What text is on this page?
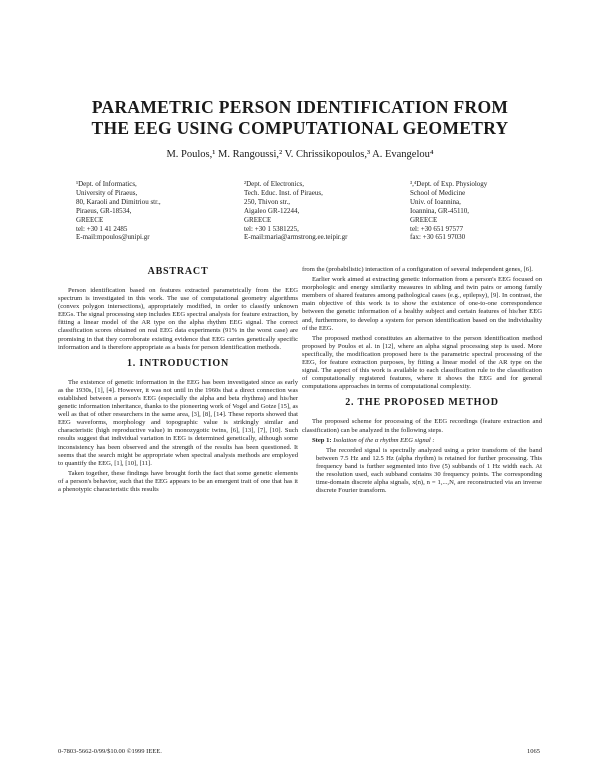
PARAMETRIC PERSON IDENTIFICATION FROM
THE EEG USING COMPUTATIONAL GEOMETRY
M. Poulos,¹ M. Rangoussi,² V. Chrissikopoulos,³ A. Evangelou⁴
¹Dept. of Informatics,
University of Piraeus,
80, Karaoli and Dimitriou str.,
Piraeus, GR-18534,
GREECE
tel: +30 1 41 2485
E-mail:mpoulos@unipi.gr
²Dept. of Electronics,
Tech. Educ. Inst. of Piraeus,
250, Thivon str.,
Aigaleo GR-12244,
GREECE
tel: +30 1 5381225,
E-mail:maria@armstrong.ee.teipir.gr
³,⁴Dept. of Exp. Physiology
School of Medicine
Univ. of Ioannina,
Ioannina, GR-45110,
GREECE
tel: +30 651 97577
fax: +30 651 97030
ABSTRACT

Person identification based on features extracted parametrically from the EEG spectrum is investigated in this work. The use of computational geometry algorithms (convex polygon intersections), appropriately modified, in order to classify unknown EEGs. The signal processing step includes EEG spectral analysis for feature extraction, by fitting a linear model of the AR type on the alpha rhythm EEG signal. The correct classification scores obtained on real EEG data experiments (91% in the worst case) are promising in that they corroborate existing evidence that EEG carries genetically specific information and is therefore appropriate as a basis for person identification methods.

1. INTRODUCTION

The existence of genetic information in the EEG has been investigated since as early as the 1930s, [1], [4]. However, it was not until in the 1960s that a direct connection was established between a person's EEG (especially the alpha and beta rhythms) and his/her genetic information inheritance, thanks to the pioneering work of Vogel and Gotze [15], as well as that of other researchers in the same area, [3], [8], [14]. These reports showed that EEG waveforms, morphology and topographic value is strikingly similar and characteristic (high reproductive value) in monozygotic twins, [6], [13], [7], [10]. Such results suggest that individual variation in EEG is determined genetically, although some inconsistency has been observed and the strength of the results has been questioned. It seems that the search might be appropriate when spectral analysis methods are employed to quantify the EEG, [1], [10], [11].

Taken together, these findings have brought forth the fact that some genetic elements of a person's behavior, such that the EEG appears to be an emergent trait of one that has it a phenotypic characteristic this results

from the (probabilistic) interaction of a configuration of several independent genes, [6].

Earlier work aimed at extracting genetic information from a person's EEG focused on morphologic and energy similarity measures in sibling and twin pairs or among family members of shared features among pathological cases (e.g., epilepsy), [9]. In contrast, the main objective of this work is to show the existence of one-to-one correspondence between the genetic information of a healthy subject and certain features of his/her EEG and, furthermore, to develop a system for person identification based on the individuality of the EEG.

The proposed method constitutes an alternative to the person identification method proposed by Poulos et al. in [12], where an alpha signal processing step is used. More specifically, the modification proposed here is the parametric spectral processing of the EEG, for feature extraction purposes, by fitting a linear model of the AR type on the signal. The aspect of this work is available to each classification rule to the classification of computationally registered features, where it shows the EEG and for general computations approaches in terms of computational complexity.

2. THE PROPOSED METHOD

The proposed scheme for processing of the EEG recordings (feature extraction and classification) can be analyzed in the following steps.

Step 1: Isolation of the α rhythm EEG signal :

The recorded signal is spectrally analyzed using a prior transform of the band between 7.5 Hz and 12.5 Hz (alpha rhythm) is retained for further processing. This frequency band is further segmented into five (5) subbands of 1 Hz width each. At the resolution used, each subband contains 30 frequency points. The corresponding time-domain discrete alpha signals, x(n), n = 1,...,N, are reconstructed via an inverse discrete Fourier transform.

0-7803-5662-0/99/$10.00 ©1999 IEEE.	1065
